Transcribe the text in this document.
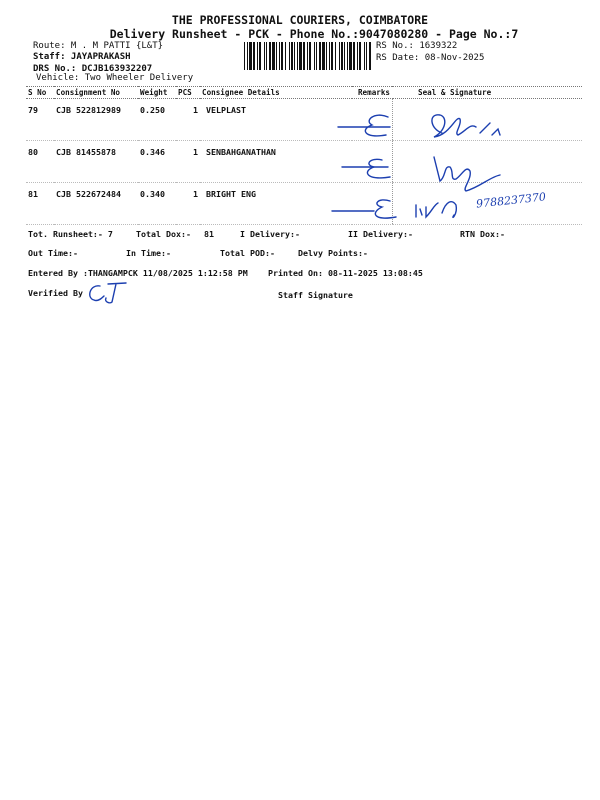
THE PROFESSIONAL COURIERS, COIMBATORE
Delivery Runsheet - PCK - Phone No.:9047080280 - Page No.:7
Route: M . M PATTI {L&T}
Staff: JAYAPRAKASH
DRS No.: DCJB163932207
Vehicle: Two Wheeler Delivery
RS No.: 1639322
RS Date: 08-Nov-2025
S No	Consignment No	Weight	PCS	Consignee Details	Remarks	Seal & Signature
79	CJB 522812989	0.250	1	VELPLAST		
80	CJB 81455878	0.346	1	SENBAHGANATHAN		
81	CJB 522672484	0.340	1	BRIGHT ENG			9788237370
Tot. Runsheet:- 7	Total Dox:- 81	I Delivery:-	II Delivery:-	RTN Dox:-
Out Time:-	In Time:-	Total POD:-	Delvy Points:-
Entered By :THANGAMPCK 11/08/2025 1:12:58 PM Printed On: 08-11-2025 13:08:45
Verified By	Staff Signature
